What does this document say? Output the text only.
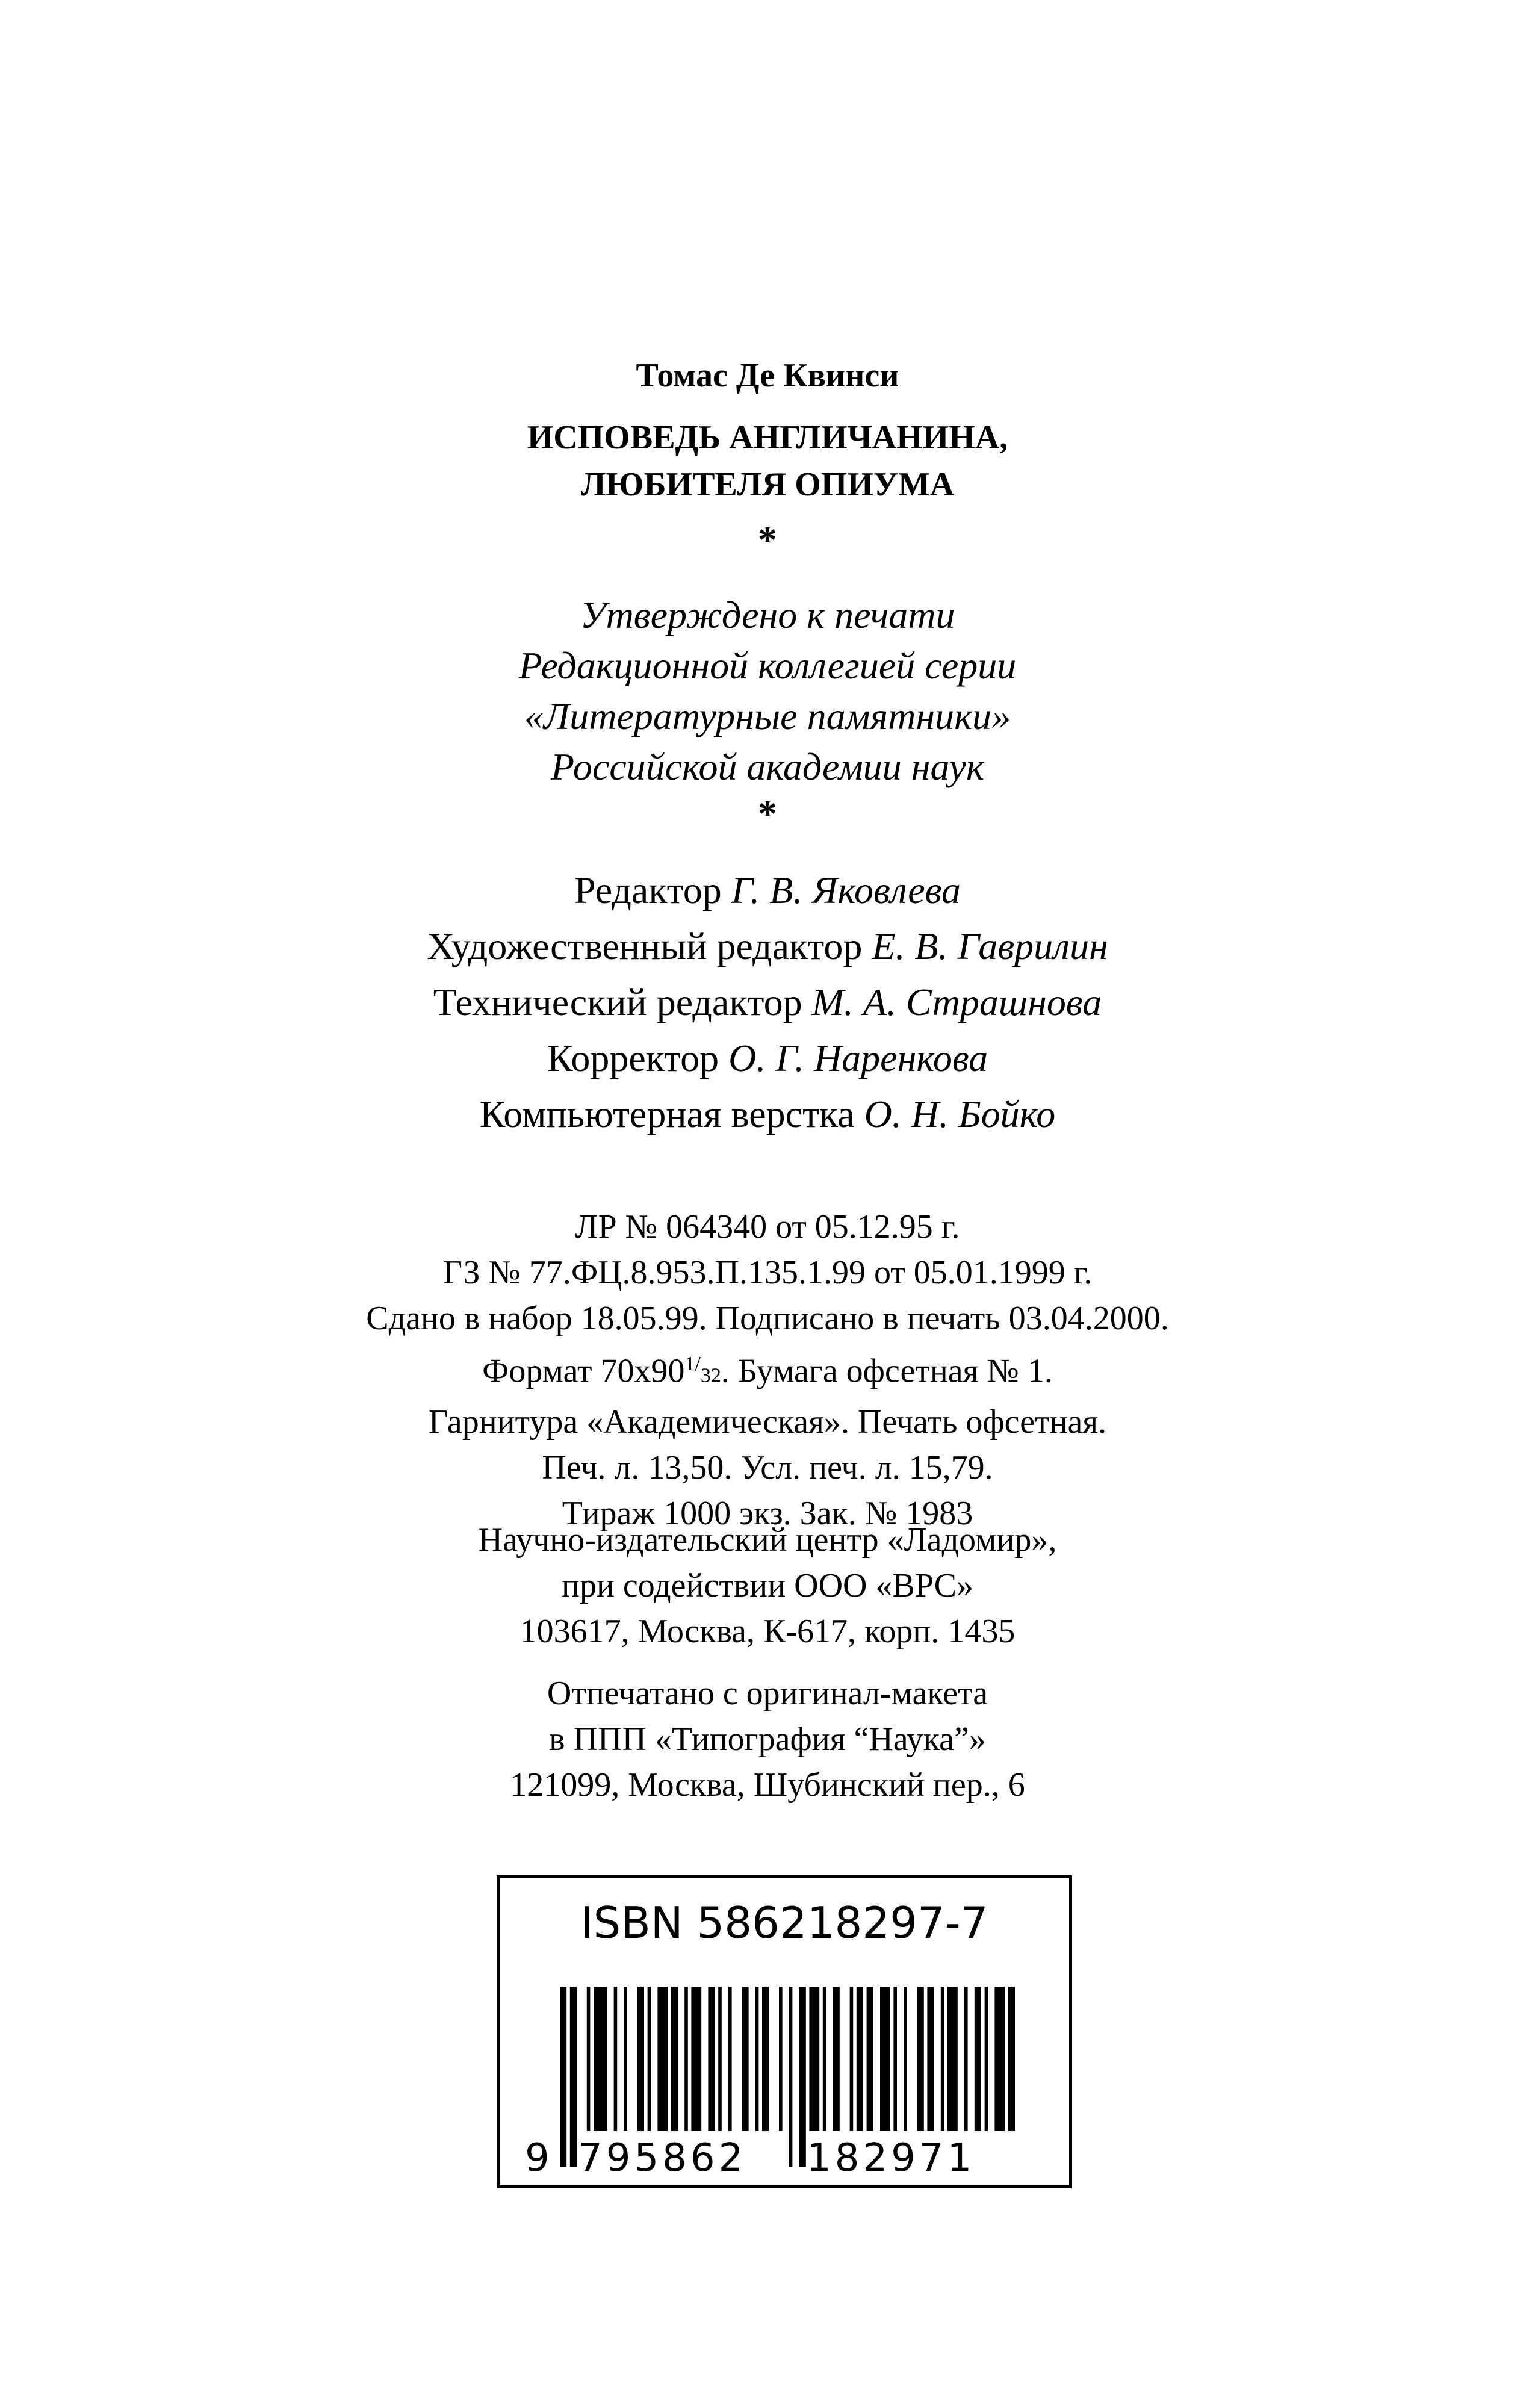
Томас Де Квинси
ИСПОВЕДЬ АНГЛИЧАНИНА,
ЛЮБИТЕЛЯ ОПИУМА
*
Утверждено к печати
Редакционной коллегией серии
«Литературные памятники»
Российской академии наук
*
Редактор Г. В. Яковлева
Художественный редактор Е. В. Гаврилин
Технический редактор М. А. Страшнова
Корректор О. Г. Наренкова
Компьютерная верстка О. Н. Бойко
ЛР № 064340 от 05.12.95 г.
ГЗ № 77.ФЦ.8.953.П.135.1.99 от 05.01.1999 г.
Сдано в набор 18.05.99. Подписано в печать 03.04.2000.
Формат $70x90^{1/}32$. Бумага офсетная № 1.
Гарнитура «Академическая». Печать офсетная.
Печ. л. 13,50. Усл. печ. л. 15,79.
Тираж 1000 экз. Зак. № 1983
Научно-издательский центр «Ладомир»,
при содействии ООО «ВРС»
103617, Москва, К-617, корп. 1435
Отпечатано с оригинал-макета
в ППП «Типография “Наука”»
121099, Москва, Шубинский пер., 6
ISBN 586218297-7
9 795862 182971
